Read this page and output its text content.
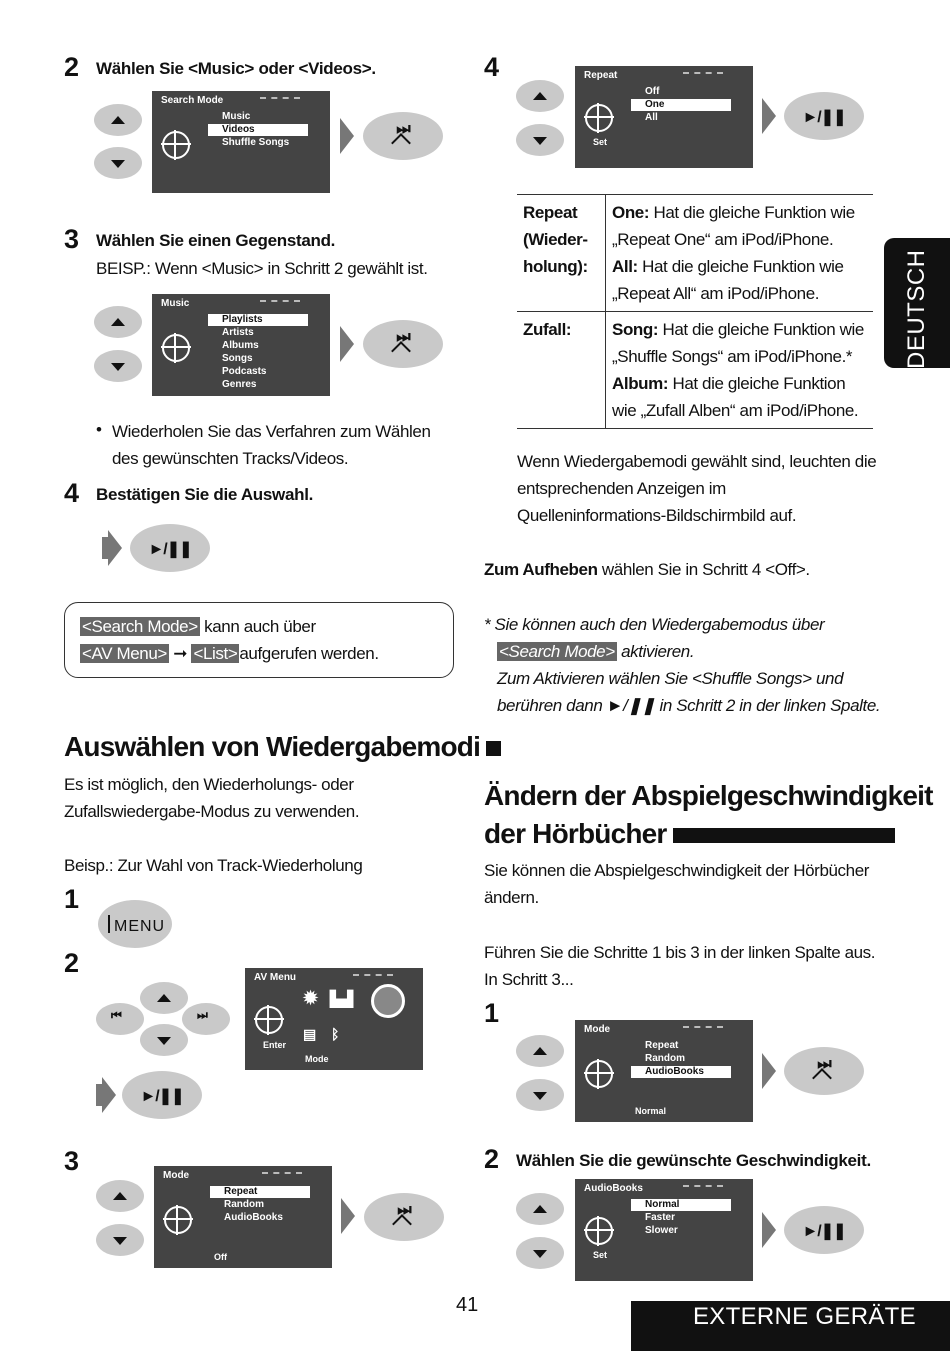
2 Wählen Sie <Music> oder <Videos>.
Search Mode
Music
Videos
Shuffle Songs
⏭
3 Wählen Sie einen Gegenstand.
BEISP.: Wenn <Music> in Schritt 2 gewählt ist.
Music
Playlists
Artists
Albums
Songs
Podcasts
Genres
⏭
• Wiederholen Sie das Verfahren zum Wählen des gewünschten Tracks/Videos.
4 Bestätigen Sie die Auswahl.
►/❚❚
<Search Mode> kann auch über
<AV Menu> ➞ <List> aufgerufen werden.
Auswählen von Wiedergabemodi
Es ist möglich, den Wiederholungs- oder Zufallswiedergabe-Modus zu verwenden.
Beisp.: Zur Wahl von Track-Wiederholung
1
MENU
2
⏮	⏭
AV Menu
Enter
✹ ▙▟
▤ ᛒ
Mode
►/❚❚
3	Mode
Repeat
Random
AudioBooks
Off
⏭
4	Repeat
Set
Off
One
All	►/❚❚
Repeat (Wieder-holung):	One: Hat die gleiche Funktion wie „Repeat One“ am iPod/iPhone.
All: Hat die gleiche Funktion wie „Repeat All“ am iPod/iPhone.
Zufall:	Song: Hat die gleiche Funktion wie „Shuffle Songs“ am iPod/iPhone.*
Album: Hat die gleiche Funktion wie „Zufall Alben“ am iPod/iPhone.
Wenn Wiedergabemodi gewählt sind, leuchten die entsprechenden Anzeigen im Quelleninformations-Bildschirmbild auf.
Zum Aufheben wählen Sie in Schritt 4 <Off>.
* Sie können auch den Wiedergabemodus über
<Search Mode> aktivieren.
Zum Aktivieren wählen Sie <Shuffle Songs> und
berühren dann ►/❚❚ in Schritt 2 in der linken Spalte.
Ändern der Abspielgeschwindigkeit
der Hörbücher
Sie können die Abspielgeschwindigkeit der Hörbücher ändern.
Führen Sie die Schritte 1 bis 3 in der linken Spalte aus.
In Schritt 3...
1
Mode
Repeat
Random
AudioBooks
Normal
⏭
2 Wählen Sie die gewünschte Geschwindigkeit.
AudioBooks
Set
Normal
Faster
Slower	►/❚❚
DEUTSCH
41	EXTERNE GERÄTE
